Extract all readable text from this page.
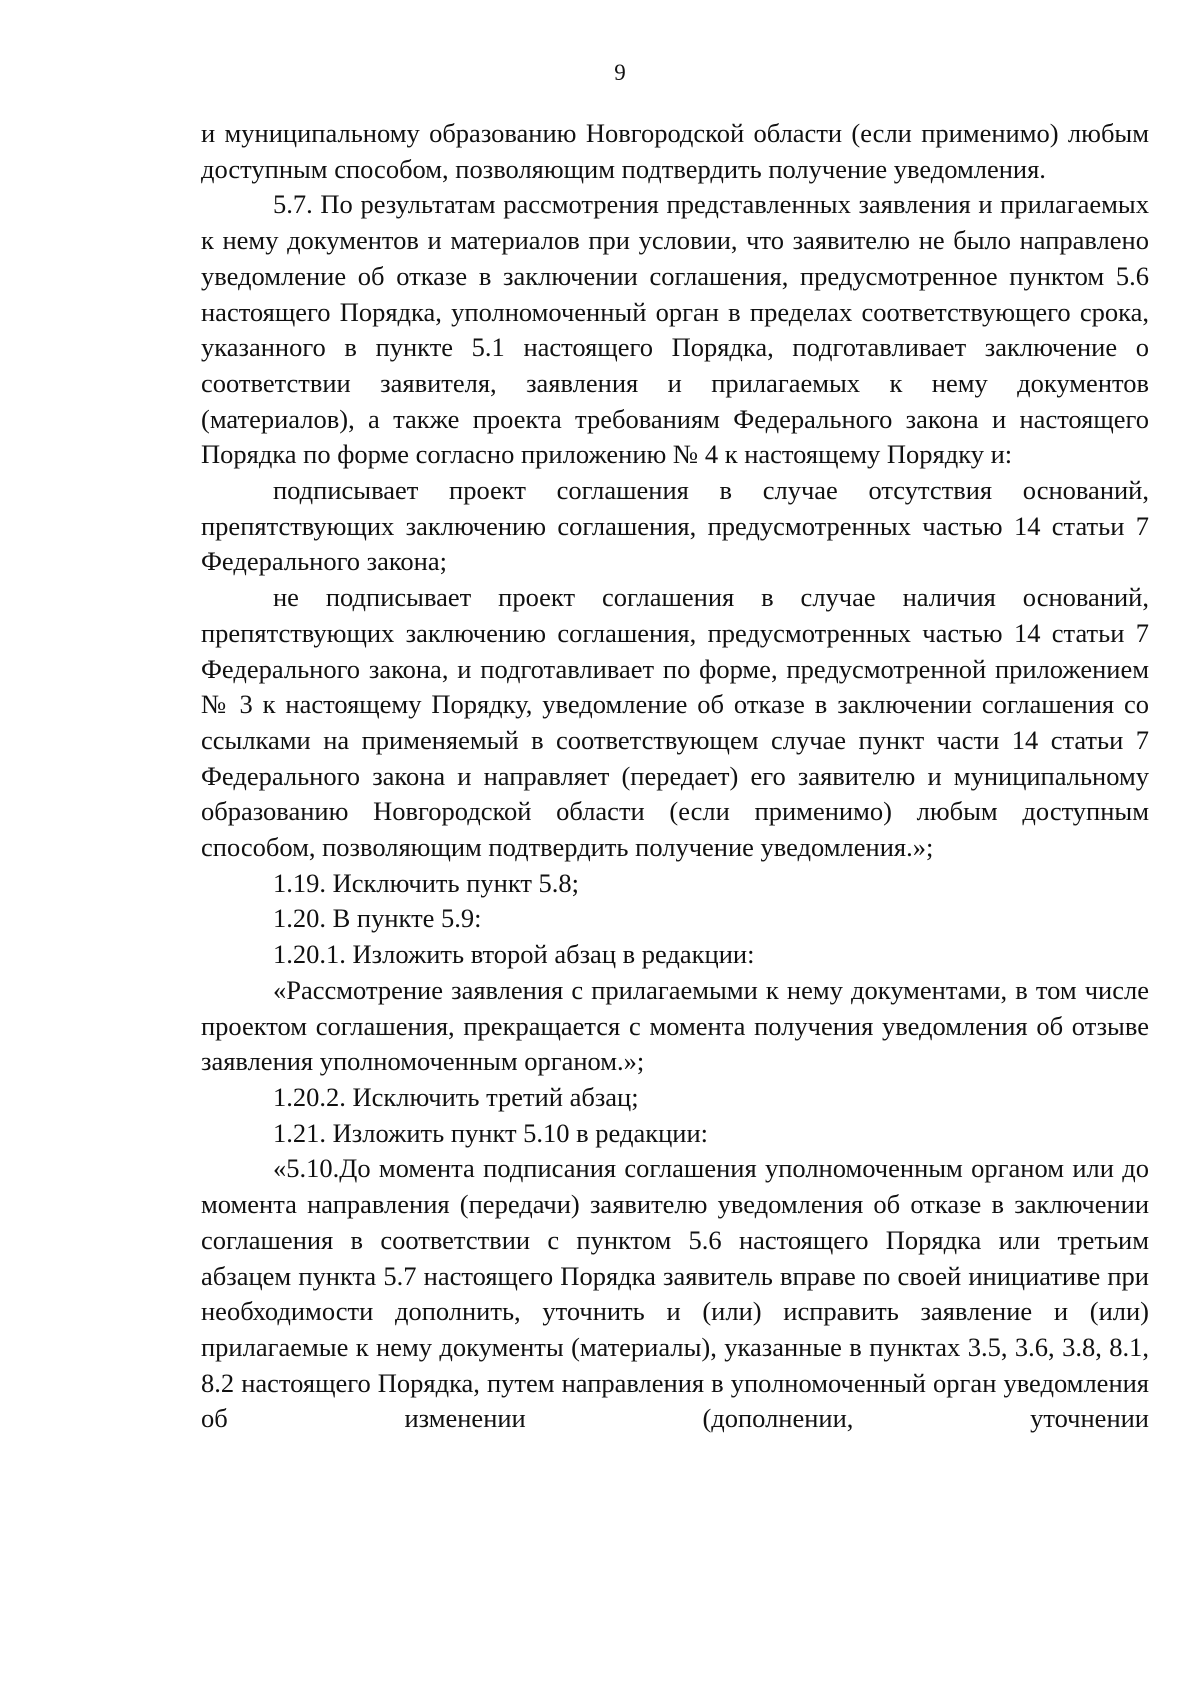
9

и муниципальному образованию Новгородской области (если применимо) любым доступным способом, позволяющим подтвердить получение уведомления.

5.7. По результатам рассмотрения представленных заявления и прилагаемых к нему документов и материалов при условии, что заявителю не было направлено уведомление об отказе в заключении соглашения, предусмотренное пунктом 5.6 настоящего Порядка, уполномоченный орган в пределах соответствующего срока, указанного в пункте 5.1 настоящего Порядка, подготавливает заключение о соответствии заявителя, заявления и прилагаемых к нему документов (материалов), а также проекта требованиям Федерального закона и настоящего Порядка по форме согласно приложению № 4 к настоящему Порядку и:

подписывает проект соглашения в случае отсутствия оснований, препятствующих заключению соглашения, предусмотренных частью 14 статьи 7 Федерального закона;

не подписывает проект соглашения в случае наличия оснований, препятствующих заключению соглашения, предусмотренных частью 14 статьи 7 Федерального закона, и подготавливает по форме, предусмотренной приложением № 3 к настоящему Порядку, уведомление об отказе в заключении соглашения со ссылками на применяемый в соответствующем случае пункт части 14 статьи 7 Федерального закона и направляет (передает) его заявителю и муниципальному образованию Новгородской области (если применимо) любым доступным способом, позволяющим подтвердить получение уведомления.»;

1.19. Исключить пункт 5.8;

1.20. В пункте 5.9:

1.20.1. Изложить второй абзац в редакции:

«Рассмотрение заявления с прилагаемыми к нему документами, в том числе проектом соглашения, прекращается с момента получения уведомления об отзыве заявления уполномоченным органом.»;

1.20.2. Исключить третий абзац;

1.21. Изложить пункт 5.10 в редакции:

«5.10.До момента подписания соглашения уполномоченным органом или до момента направления (передачи) заявителю уведомления об отказе в заключении соглашения в соответствии с пунктом 5.6 настоящего Порядка или третьим абзацем пункта 5.7 настоящего Порядка заявитель вправе по своей инициативе при необходимости дополнить, уточнить и (или) исправить заявление и (или) прилагаемые к нему документы (материалы), указанные в пунктах 3.5, 3.6, 3.8, 8.1, 8.2 настоящего Порядка, путем направления в уполномоченный орган уведомления об изменении (дополнении, уточнении
